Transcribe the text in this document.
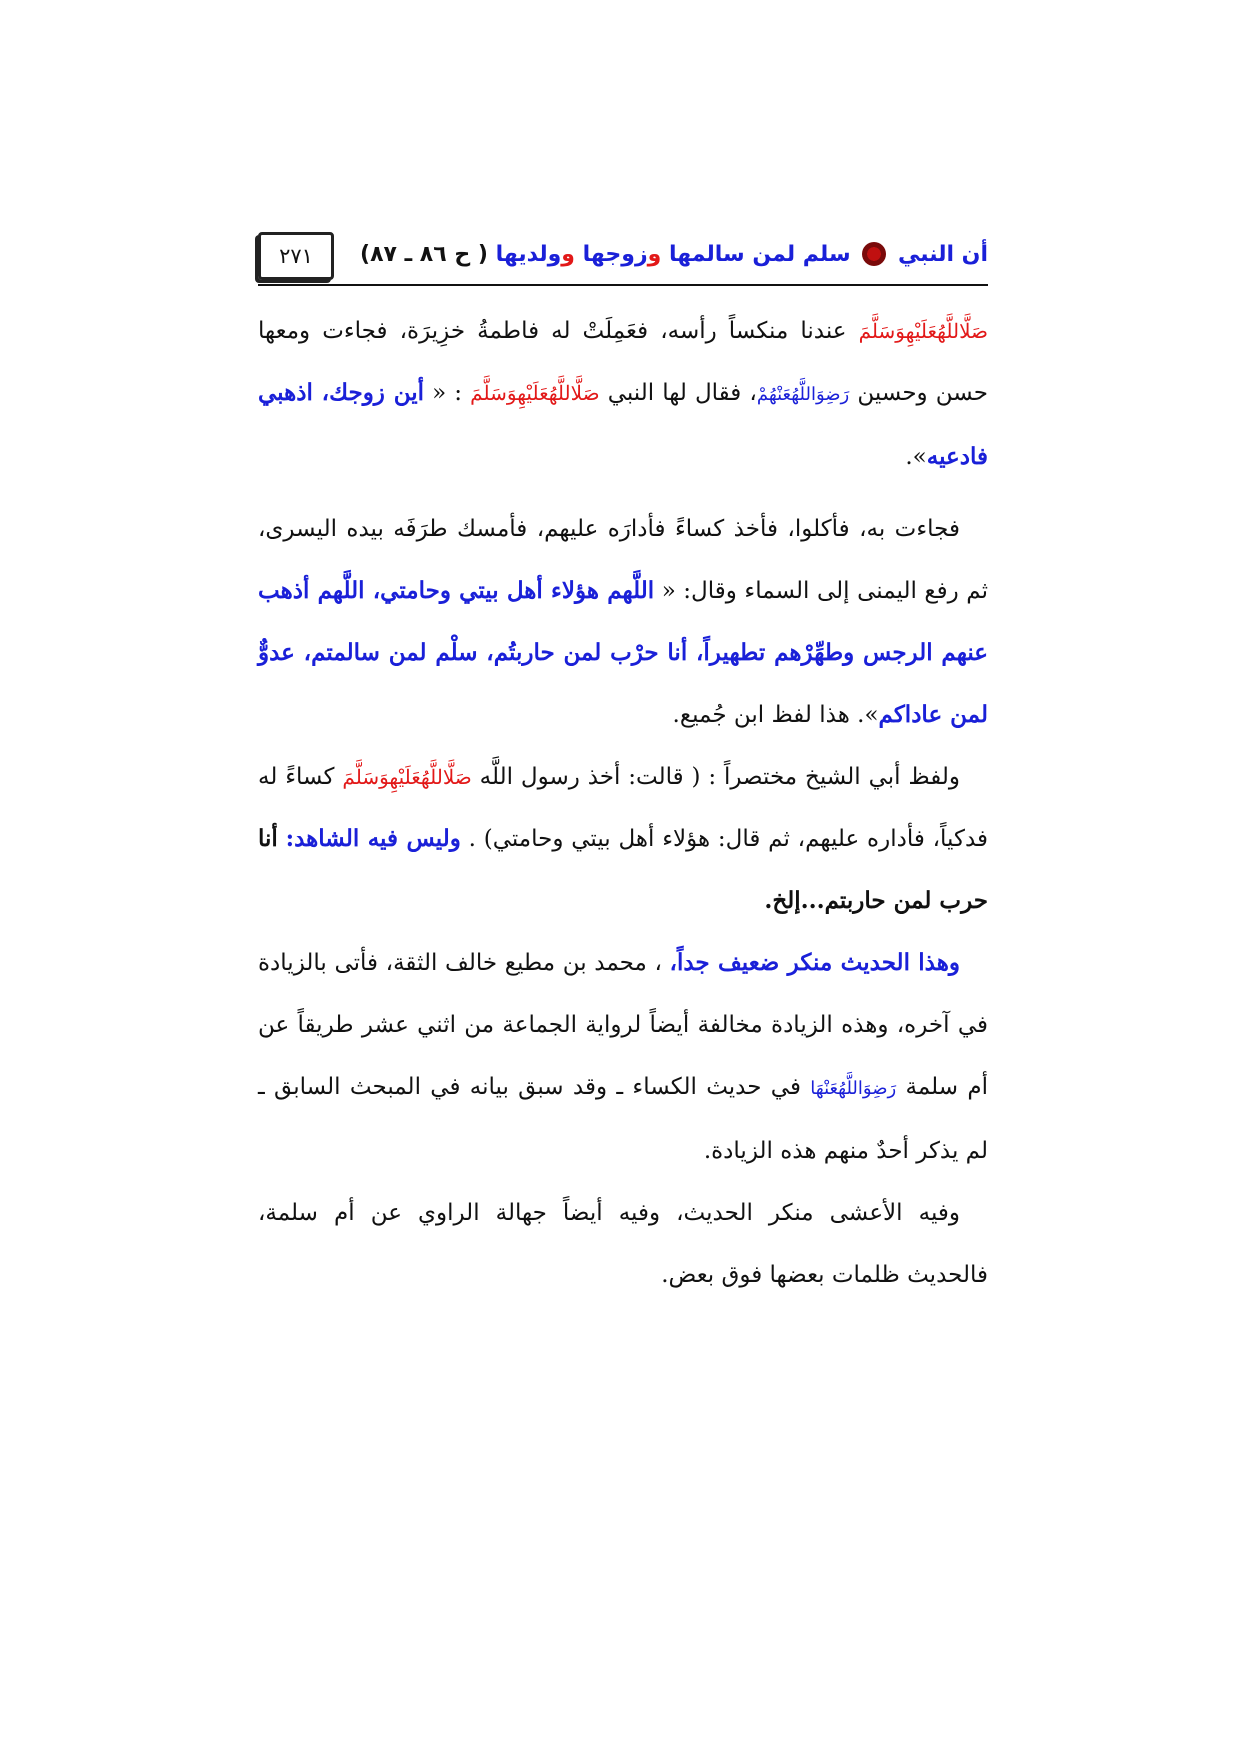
أن النبي  سلم لمن سالمها وزوجها وولديها ( ح ٨٦ ـ ٨٧)
٢٧١

صَلَّاللَّهُعَلَيْهِوَسَلَّمَ عندنا منكساً رأسه، فعَمِلَتْ له فاطمةُ خزِيرَة، فجاءت ومعها حسن وحسين رَضِوَاللَّهُعَنْهُمْ، فقال لها النبي صَلَّاللَّهُعَلَيْهِوَسَلَّمَ : « أين زوجك، اذهبي فادعيه».

فجاءت به، فأكلوا، فأخذ كساءً فأدارَه عليهم، فأمسك طرَفَه بيده اليسرى، ثم رفع اليمنى إلى السماء وقال: « اللَّهم هؤلاء أهل بيتي وحامتي، اللَّهم أذهب عنهم الرجس وطهِّرْهم تطهيراً، أنا حرْب لمن حاربتُم، سلْم لمن سالمتم، عدوٌّ لمن عاداكم». هذا لفظ ابن جُميع.

ولفظ أبي الشيخ مختصراً : ( قالت: أخذ رسول اللَّه صَلَّاللَّهُعَلَيْهِوَسَلَّمَ كساءً له فدكياً، فأداره عليهم، ثم قال: هؤلاء أهل بيتي وحامتي) . وليس فيه الشاهد: أنا حرب لمن حاربتم...إلخ.

وهذا الحديث منكر ضعيف جداً، ، محمد بن مطيع خالف الثقة، فأتى بالزيادة في آخره، وهذه الزيادة مخالفة أيضاً لرواية الجماعة من اثني عشر طريقاً عن أم سلمة رَضِوَاللَّهُعَنْهَا في حديث الكساء ـ وقد سبق بيانه في المبحث السابق ـ لم يذكر أحدٌ منهم هذه الزيادة.

وفيه الأعشى منكر الحديث، وفيه أيضاً جهالة الراوي عن أم سلمة، فالحديث ظلمات بعضها فوق بعض.
